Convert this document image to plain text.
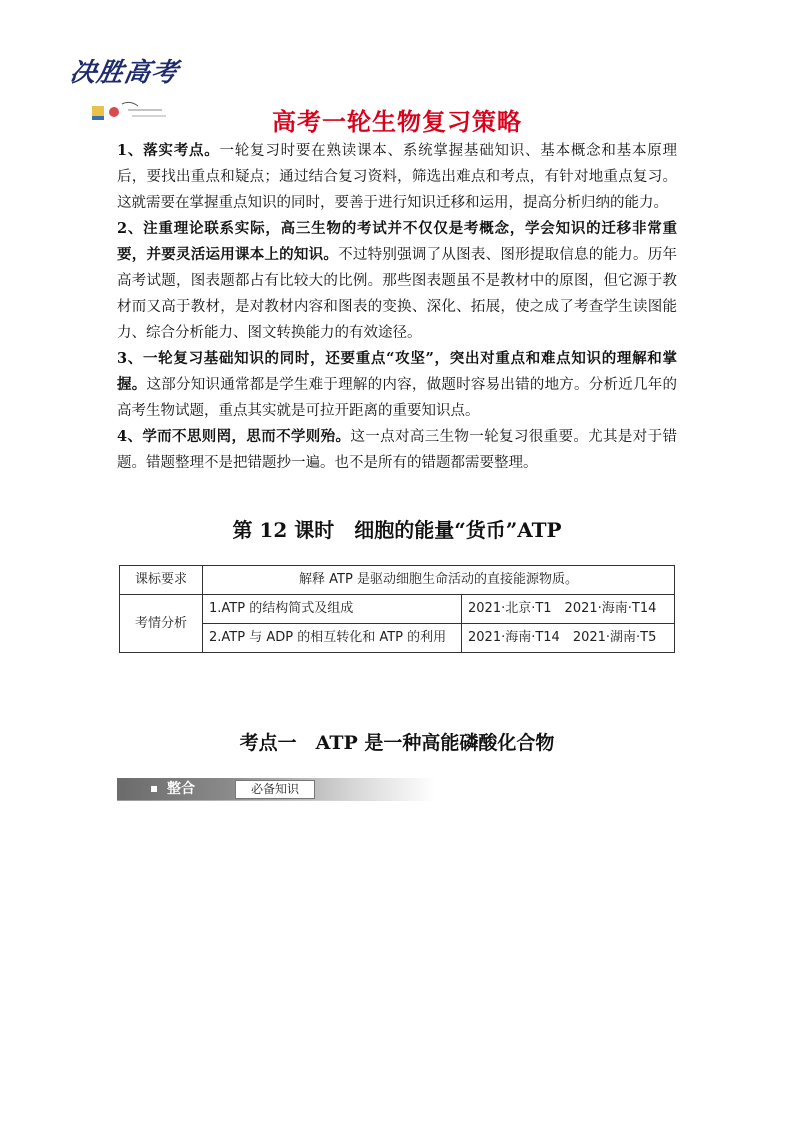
决胜高考
高考一轮生物复习策略

1、落实考点。一轮复习时要在熟读课本、系统掌握基础知识、基本概念和基本原理后，要找出重点和疑点；通过结合复习资料，筛选出难点和考点，有针对地重点复习。这就需要在掌握重点知识的同时，要善于进行知识迁移和运用，提高分析归纳的能力。

2、注重理论联系实际，高三生物的考试并不仅仅是考概念，学会知识的迁移非常重要，并要灵活运用课本上的知识。不过特别强调了从图表、图形提取信息的能力。历年高考试题，图表题都占有比较大的比例。那些图表题虽不是教材中的原图，但它源于教材而又高于教材，是对教材内容和图表的变换、深化、拓展，使之成了考查学生读图能力、综合分析能力、图文转换能力的有效途径。

3、一轮复习基础知识的同时，还要重点“攻坚”，突出对重点和难点知识的理解和掌握。这部分知识通常都是学生难于理解的内容，做题时容易出错的地方。分析近几年的高考生物试题，重点其实就是可拉开距离的重要知识点。

4、学而不思则罔，思而不学则殆。这一点对高三生物一轮复习很重要。尤其是对于错题。错题整理不是把错题抄一遍。也不是所有的错题都需要整理。

第 12 课时　细胞的能量“货币”ATP
课标要求	解释 ATP 是驱动细胞生命活动的直接能源物质。	
考情分析	1.ATP 的结构简式及组成	2021·北京·T1　2021·海南·T14
	2.ATP 与 ADP 的相互转化和 ATP 的利用	2021·海南·T14　2021·湖南·T5
考点一　ATP 是一种高能磷酸化合物
整合	必备知识
